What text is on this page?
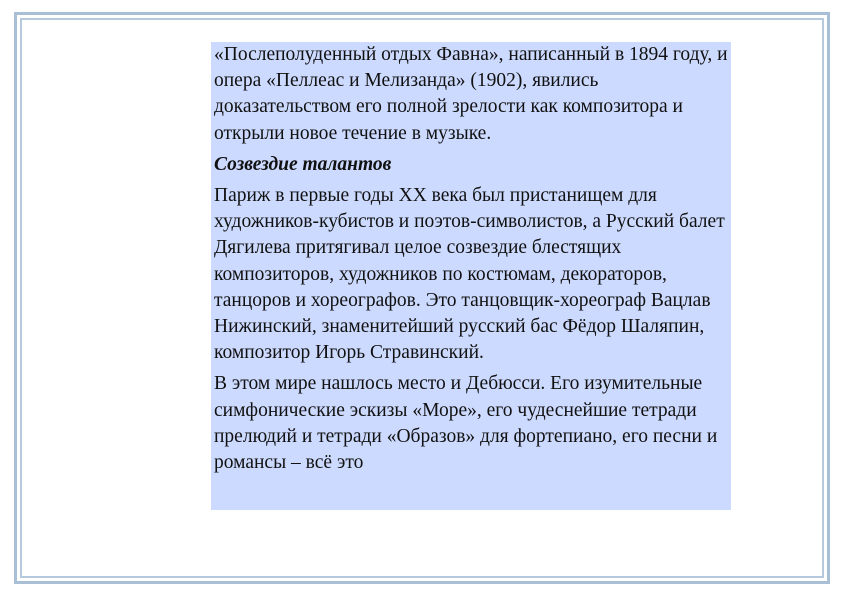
«Послеполуденный отдых Фавна», написанный в 1894 году, и опера «Пеллеас и Мелизанда» (1902), явились доказательством его полной зрелости как композитора и открыли новое течение в музыке.

Созвездие талантов

Париж в первые годы XX века был пристанищем для художников-кубистов и поэтов-символистов, а Русский балет Дягилева притягивал целое созвездие блестящих композиторов, художников по костюмам, декораторов, танцоров и хореографов. Это танцовщик-хореограф Вацлав Нижинский, знаменитейший русский бас Фёдор Шаляпин, композитор Игорь Стравинский.

В этом мире нашлось место и Дебюсси. Его изумительные симфонические эскизы «Море», его чудеснейшие тетради прелюдий и тетради «Образов» для фортепиано, его песни и романсы – всё это
